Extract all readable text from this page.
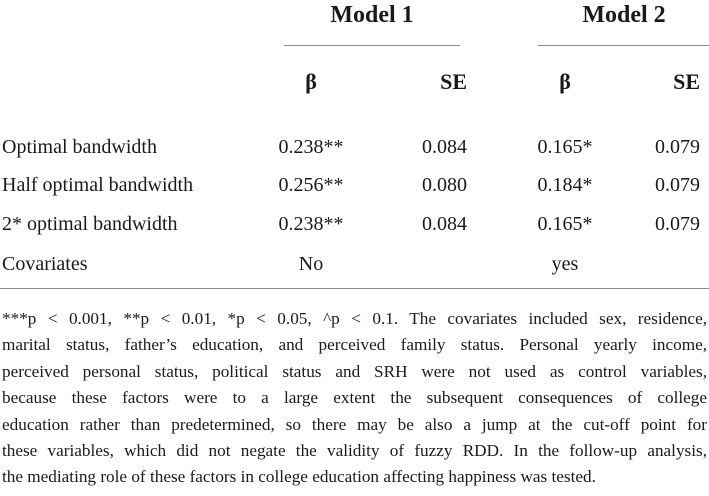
Model 1	Model 2
β	SE	β	SE
Optimal bandwidth	0.238**	0.084	0.165*	0.079
Half optimal bandwidth	0.256**	0.080	0.184*	0.079
2* optimal bandwidth	0.238**	0.084	0.165*	0.079
Covariates	No	yes
***p < 0.001, **p < 0.01, *p < 0.05, ^p < 0.1. The covariates included sex, residence,
marital status, father’s education, and perceived family status. Personal yearly income,
perceived personal status, political status and SRH were not used as control variables,
because these factors were to a large extent the subsequent consequences of college
education rather than predetermined, so there may be also a jump at the cut-off point for
these variables, which did not negate the validity of fuzzy RDD. In the follow-up analysis,
the mediating role of these factors in college education affecting happiness was tested.
